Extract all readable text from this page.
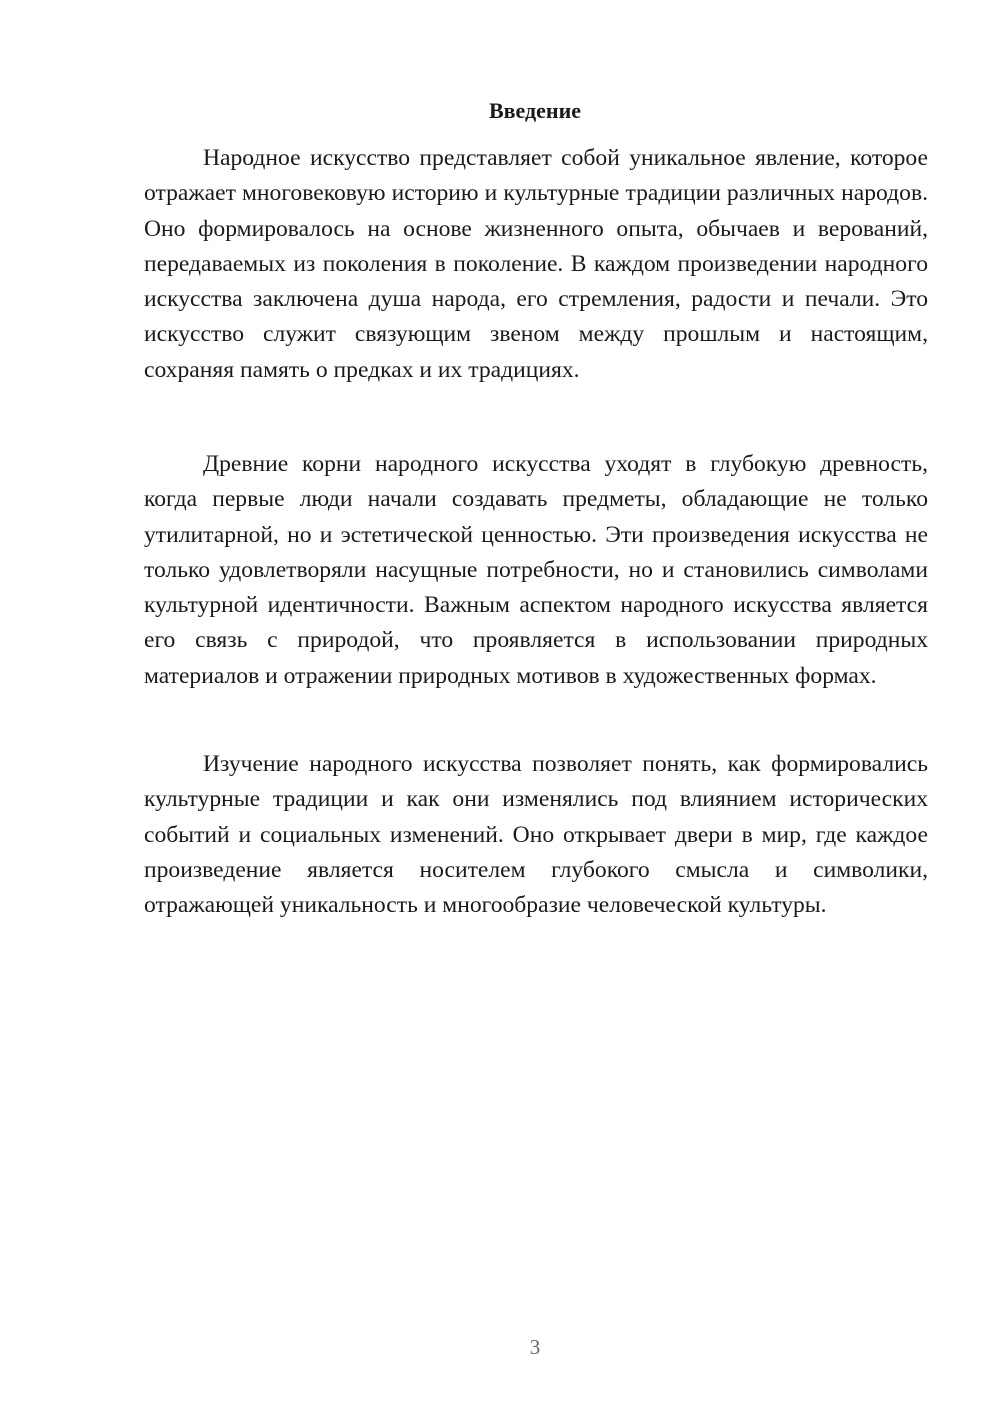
Введение

Народное искусство представляет собой уникальное явление, которое отражает многовековую историю и культурные традиции различных народов. Оно формировалось на основе жизненного опыта, обычаев и верований, передаваемых из поколения в поколение. В каждом произведении народного искусства заключена душа народа, его стремления, радости и печали. Это искусство служит связующим звеном между прошлым и настоящим, сохраняя память о предках и их традициях.

Древние корни народного искусства уходят в глубокую древность, когда первые люди начали создавать предметы, обладающие не только утилитарной, но и эстетической ценностью. Эти произведения искусства не только удовлетворяли насущные потребности, но и становились символами культурной идентичности. Важным аспектом народного искусства является его связь с природой, что проявляется в использовании природных материалов и отражении природных мотивов в художественных формах.

Изучение народного искусства позволяет понять, как формировались культурные традиции и как они изменялись под влиянием исторических событий и социальных изменений. Оно открывает двери в мир, где каждое произведение является носителем глубокого смысла и символики, отражающей уникальность и многообразие человеческой культуры.

3
